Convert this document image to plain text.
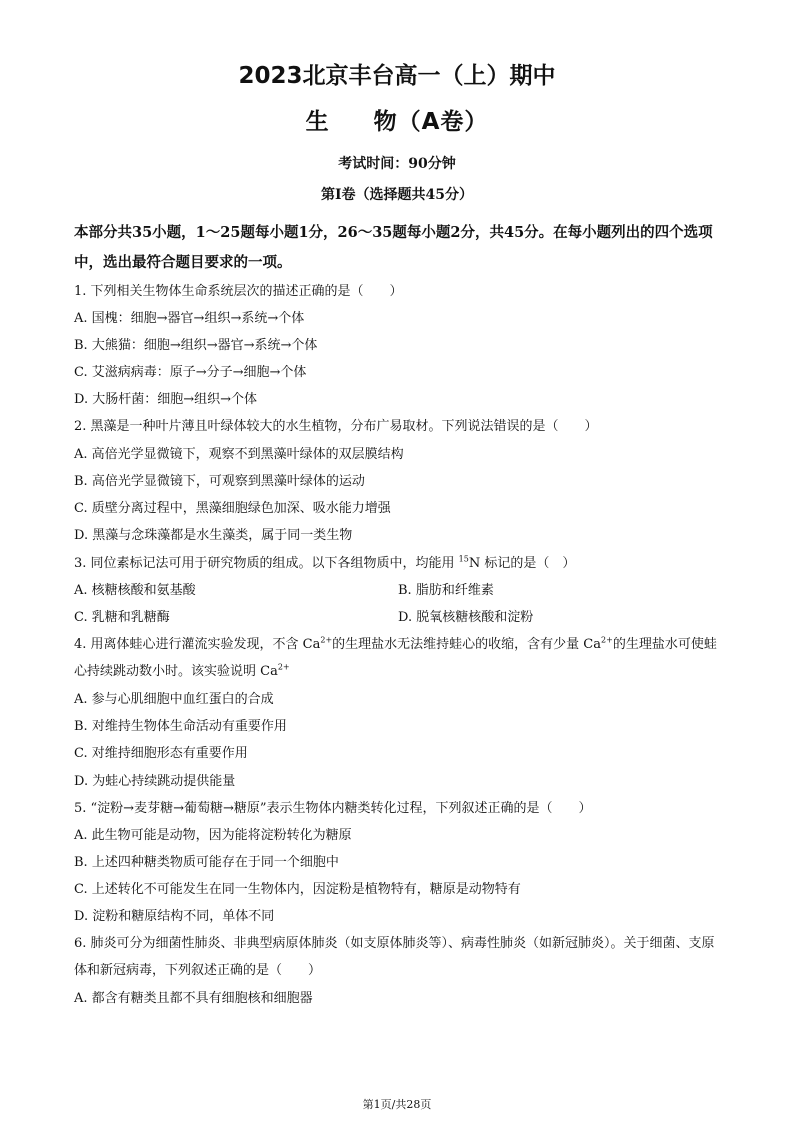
2023北京丰台高一（上）期中
生 物（A卷）
考试时间：90分钟
第Ⅰ卷（选择题共45分）
本部分共35小题，1～25题每小题1分，26～35题每小题2分，共45分。在每小题列出的四个选项中，选出最符合题目要求的一项。
1. 下列相关生物体生命系统层次的描述正确的是（　　）
A. 国槐：细胞→器官→组织→系统→个体
B. 大熊猫：细胞→组织→器官→系统→个体
C. 艾滋病病毒：原子→分子→细胞→个体
D. 大肠杆菌：细胞→组织→个体
2. 黑藻是一种叶片薄且叶绿体较大的水生植物，分布广易取材。下列说法错误的是（　　）
A. 高倍光学显微镜下，观察不到黑藻叶绿体的双层膜结构
B. 高倍光学显微镜下，可观察到黑藻叶绿体的运动
C. 质壁分离过程中，黑藻细胞绿色加深、吸水能力增强
D. 黑藻与念珠藻都是水生藻类，属于同一类生物
3. 同位素标记法可用于研究物质的组成。以下各组物质中，均能用 $^{15}$N 标记的是（　）
A. 核糖核酸和氨基酸	B. 脂肪和纤维素
C. 乳糖和乳糖酶	D. 脱氧核糖核酸和淀粉
4. 用离体蛙心进行灌流实验发现，不含 $Ca^{2+}$的生理盐水无法维持蛙心的收缩，含有少量 $Ca^{2+}$的生理盐水可使蛙心持续跳动数小时。该实验说明 $Ca^{2+}$
A. 参与心肌细胞中血红蛋白的合成
B. 对维持生物体生命活动有重要作用
C. 对维持细胞形态有重要作用
D. 为蛙心持续跳动提供能量
5. “淀粉→麦芽糖→葡萄糖→糖原”表示生物体内糖类转化过程，下列叙述正确的是（　　）
A. 此生物可能是动物，因为能将淀粉转化为糖原
B. 上述四种糖类物质可能存在于同一个细胞中
C. 上述转化不可能发生在同一生物体内，因淀粉是植物特有，糖原是动物特有
D. 淀粉和糖原结构不同，单体不同
6. 肺炎可分为细菌性肺炎、非典型病原体肺炎（如支原体肺炎等）、病毒性肺炎（如新冠肺炎）。关于细菌、支原体和新冠病毒，下列叙述正确的是（　　）
A. 都含有糖类且都不具有细胞核和细胞器
第1页/共28页
